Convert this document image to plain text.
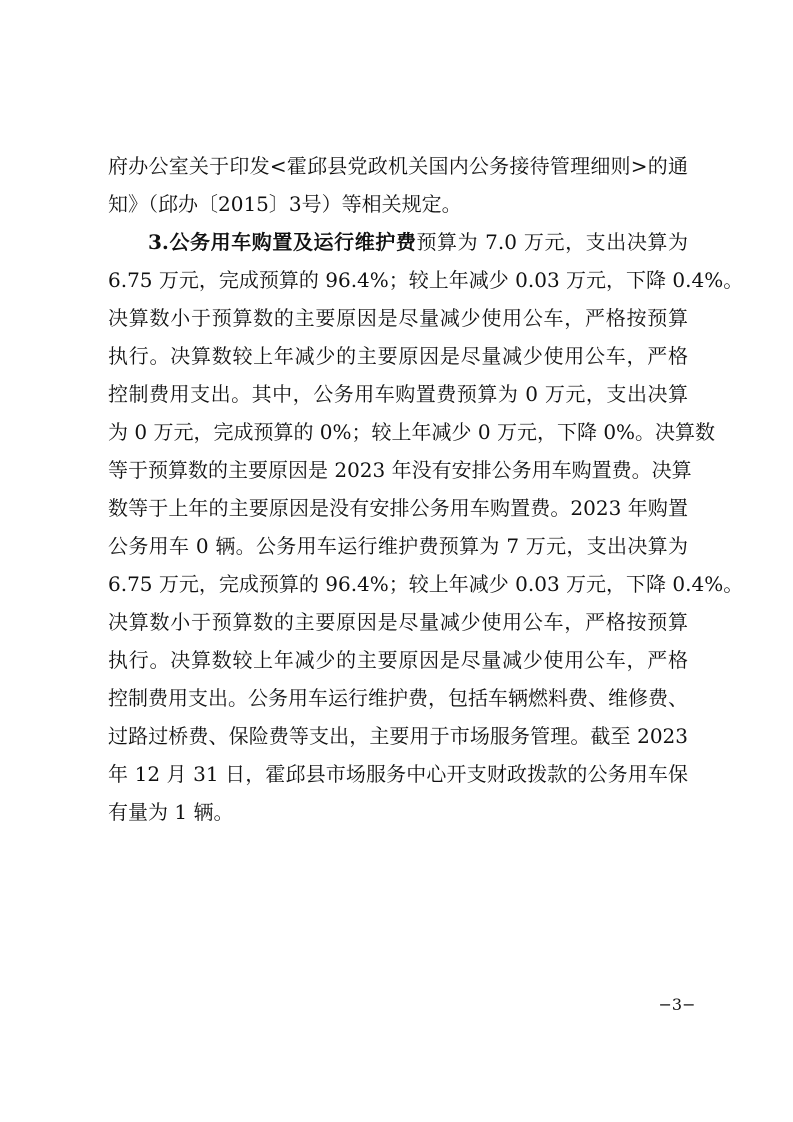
府办公室关于印发<霍邱县党政机关国内公务接待管理细则>的通
知》（邱办〔2015〕3号）等相关规定。
3.公务用车购置及运行维护费预算为 7.0 万元，支出决算为
6.75 万元，完成预算的 96.4%；较上年减少 0.03 万元，下降 0.4%。
决算数小于预算数的主要原因是尽量减少使用公车，严格按预算
执行。决算数较上年减少的主要原因是尽量减少使用公车，严格
控制费用支出。其中，公务用车购置费预算为 0 万元，支出决算
为 0 万元，完成预算的 0%；较上年减少 0 万元，下降 0%。决算数
等于预算数的主要原因是 2023 年没有安排公务用车购置费。决算
数等于上年的主要原因是没有安排公务用车购置费。2023 年购置
公务用车 0 辆。公务用车运行维护费预算为 7 万元，支出决算为
6.75 万元，完成预算的 96.4%；较上年减少 0.03 万元，下降 0.4%。
决算数小于预算数的主要原因是尽量减少使用公车，严格按预算
执行。决算数较上年减少的主要原因是尽量减少使用公车，严格
控制费用支出。公务用车运行维护费，包括车辆燃料费、维修费、
过路过桥费、保险费等支出，主要用于市场服务管理。截至 2023
年 12 月 31 日，霍邱县市场服务中心开支财政拨款的公务用车保
有量为 1 辆。
−3−
